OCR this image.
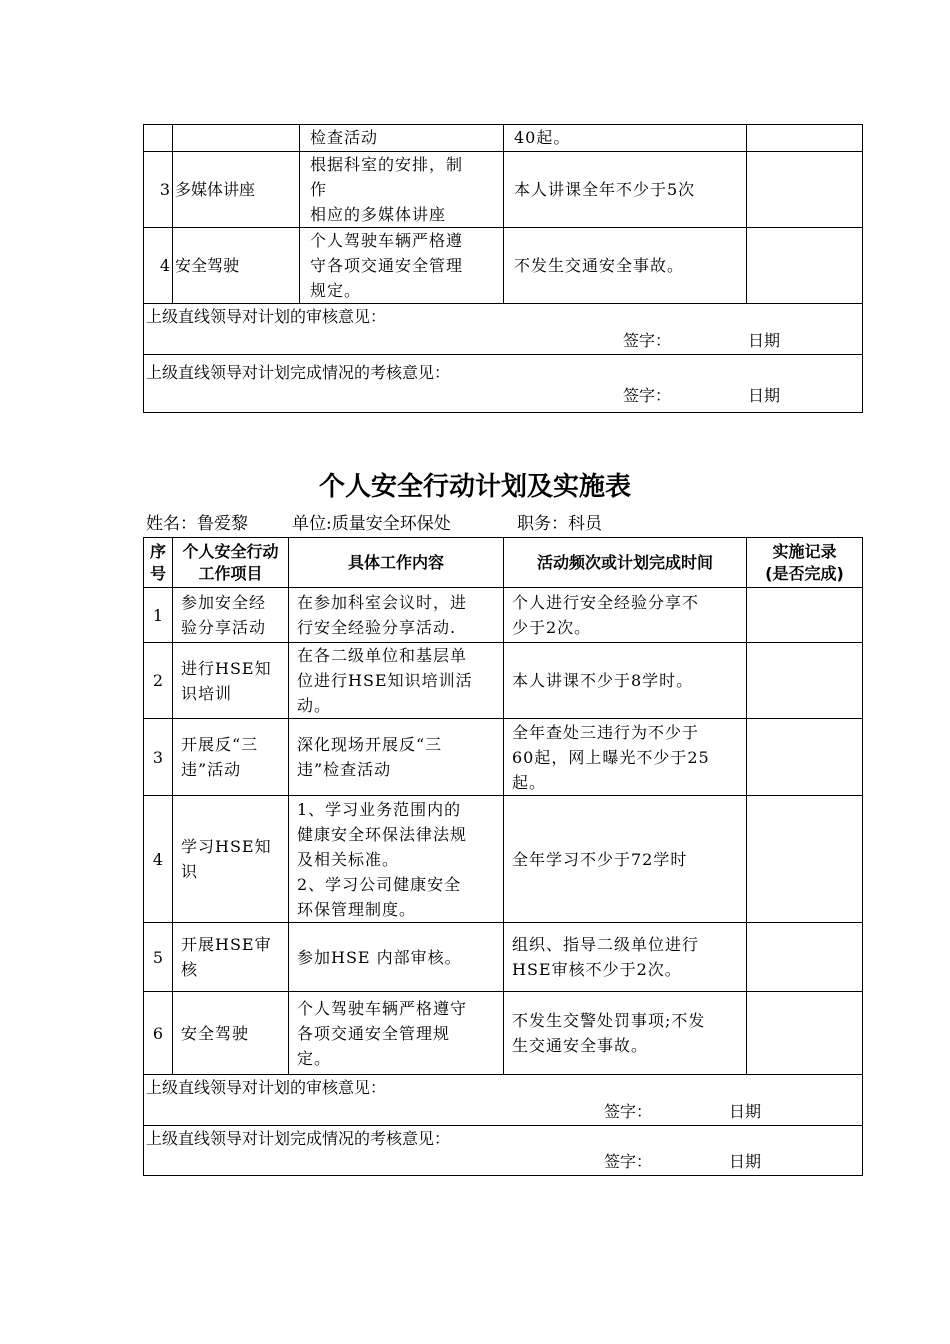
		检查活动	40起。	

3	多媒体讲座	根据科室的安排，制
作
相应的多媒体讲座	本人讲课全年不少于5次	

4	安全驾驶	个人驾驶车辆严格遵
守各项交通安全管理
规定。	不发生交通安全事故。	

上级直线领导对计划的审核意见：
签字： 日期				

上级直线领导对计划完成情况的考核意见：
签字： 日期				
个人安全行动计划及实施表
姓名：鲁爱黎	单位:质量安全环保处	职务：科员
序
号	个人安全行动
工作项目	具体工作内容	活动频次或计划完成时间	实施记录
(是否完成)

1	参加安全经
验分享活动	在参加科室会议时，进
行安全经验分享活动.	个人进行安全经验分享不
少于2次。	

2	进行HSE知
识培训	在各二级单位和基层单
位进行HSE知识培训活
动。	本人讲课不少于8学时。	

3	开展反“三
违”活动	深化现场开展反“三
违”检查活动	全年查处三违行为不少于
60起，网上曝光不少于25
起。	

4	学习HSE知
识	1、学习业务范围内的
健康安全环保法律法规
及相关标准。
2、学习公司健康安全
环保管理制度。	全年学习不少于72学时	

5	开展HSE审
核	参加HSE 内部审核。	组织、指导二级单位进行
HSE审核不少于2次。	

6	安全驾驶	个人驾驶车辆严格遵守
各项交通安全管理规
定。	不发生交警处罚事项;不发
生交通安全事故。	

上级直线领导对计划的审核意见：
签字： 日期				

上级直线领导对计划完成情况的考核意见：
签字： 日期				
